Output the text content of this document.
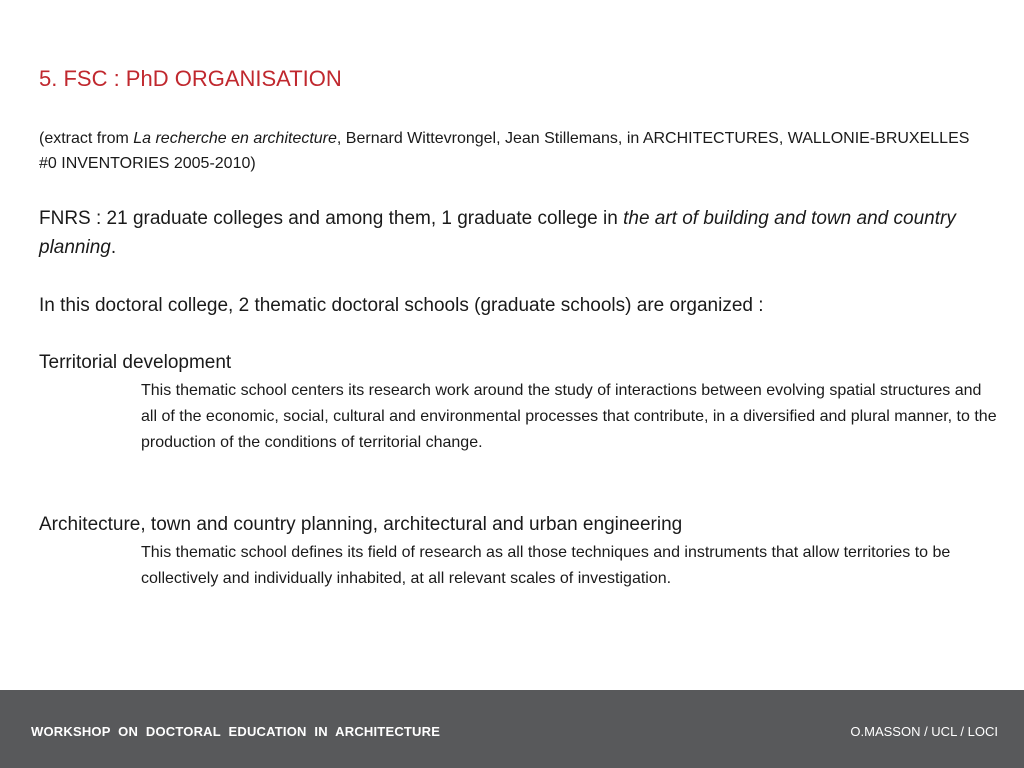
5. FSC : PhD ORGANISATION
(extract from La recherche en architecture, Bernard Wittevrongel, Jean Stillemans, in ARCHITECTURES, WALLONIE-BRUXELLES #0 INVENTORIES 2005-2010)
FNRS : 21 graduate colleges and among them, 1 graduate college in the art of building and town and country planning.
In this doctoral college, 2 thematic doctoral schools (graduate schools) are organized :
Territorial development
This thematic school centers its research work around the study of interactions between evolving spatial structures and all of the economic, social, cultural and environmental processes that contribute, in a diversified and plural manner, to the production of the conditions of territorial change.
Architecture, town and country planning, architectural and urban engineering
This thematic school defines its field of research as all those techniques and instruments that allow territories to be collectively and individually inhabited, at all relevant scales of investigation.
WORKSHOP ON DOCTORAL EDUCATION IN ARCHITECTURE	O.MASSON / UCL / LOCI
